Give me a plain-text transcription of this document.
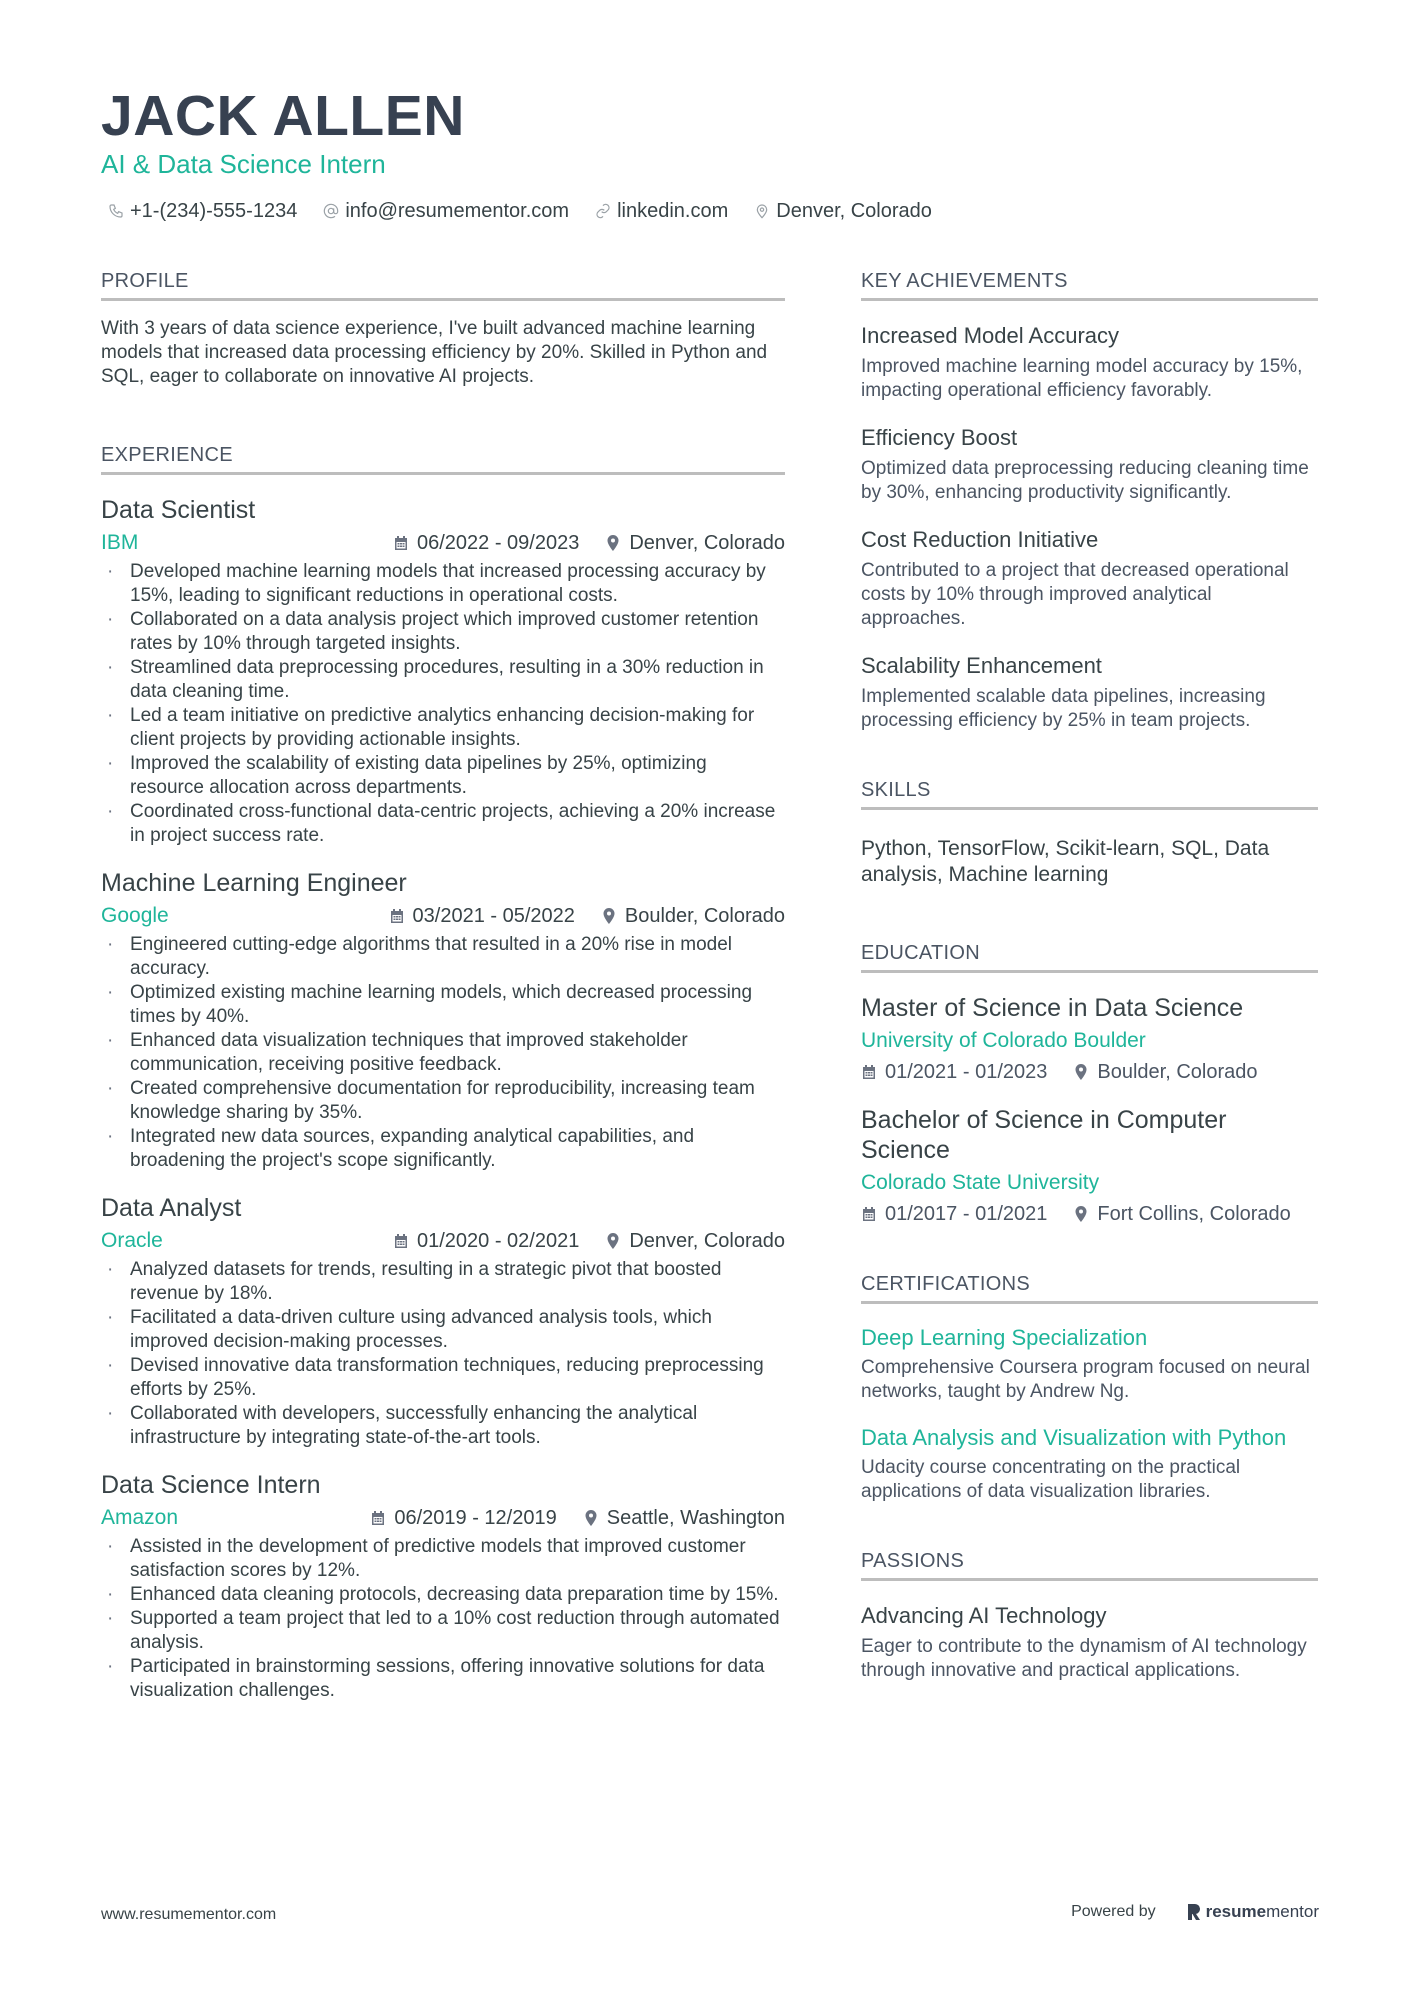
JACK ALLEN
AI & Data Science Intern
+1-(234)-555-1234 info@resumementor.com linkedin.com Denver, Colorado
PROFILE
With 3 years of data science experience, I've built advanced machine learning models that increased data processing efficiency by 20%. Skilled in Python and SQL, eager to collaborate on innovative AI projects.
EXPERIENCE
Data Scientist
IBM	06/2022 - 09/2023	Denver, Colorado
· Developed machine learning models that increased processing accuracy by 15%, leading to significant reductions in operational costs.
· Collaborated on a data analysis project which improved customer retention rates by 10% through targeted insights.
· Streamlined data preprocessing procedures, resulting in a 30% reduction in data cleaning time.
· Led a team initiative on predictive analytics enhancing decision-making for client projects by providing actionable insights.
· Improved the scalability of existing data pipelines by 25%, optimizing resource allocation across departments.
· Coordinated cross-functional data-centric projects, achieving a 20% increase in project success rate.
Machine Learning Engineer
Google	03/2021 - 05/2022	Boulder, Colorado
· Engineered cutting-edge algorithms that resulted in a 20% rise in model accuracy.
· Optimized existing machine learning models, which decreased processing times by 40%.
· Enhanced data visualization techniques that improved stakeholder communication, receiving positive feedback.
· Created comprehensive documentation for reproducibility, increasing team knowledge sharing by 35%.
· Integrated new data sources, expanding analytical capabilities, and broadening the project's scope significantly.
Data Analyst
Oracle	01/2020 - 02/2021	Denver, Colorado
· Analyzed datasets for trends, resulting in a strategic pivot that boosted revenue by 18%.
· Facilitated a data-driven culture using advanced analysis tools, which improved decision-making processes.
· Devised innovative data transformation techniques, reducing preprocessing efforts by 25%.
· Collaborated with developers, successfully enhancing the analytical infrastructure by integrating state-of-the-art tools.
Data Science Intern
Amazon	06/2019 - 12/2019	Seattle, Washington
· Assisted in the development of predictive models that improved customer satisfaction scores by 12%.
· Enhanced data cleaning protocols, decreasing data preparation time by 15%.
· Supported a team project that led to a 10% cost reduction through automated analysis.
· Participated in brainstorming sessions, offering innovative solutions for data visualization challenges.
KEY ACHIEVEMENTS
Increased Model Accuracy
Improved machine learning model accuracy by 15%, impacting operational efficiency favorably.
Efficiency Boost
Optimized data preprocessing reducing cleaning time by 30%, enhancing productivity significantly.
Cost Reduction Initiative
Contributed to a project that decreased operational costs by 10% through improved analytical approaches.
Scalability Enhancement
Implemented scalable data pipelines, increasing processing efficiency by 25% in team projects.
SKILLS
Python, TensorFlow, Scikit-learn, SQL, Data analysis, Machine learning
EDUCATION
Master of Science in Data Science
University of Colorado Boulder
01/2021 - 01/2023	Boulder, Colorado
Bachelor of Science in Computer Science
Colorado State University
01/2017 - 01/2021	Fort Collins, Colorado
CERTIFICATIONS
Deep Learning Specialization
Comprehensive Coursera program focused on neural networks, taught by Andrew Ng.
Data Analysis and Visualization with Python
Udacity course concentrating on the practical applications of data visualization libraries.
PASSIONS
Advancing AI Technology
Eager to contribute to the dynamism of AI technology through innovative and practical applications.
www.resumementor.com	Powered by	resume mentor
